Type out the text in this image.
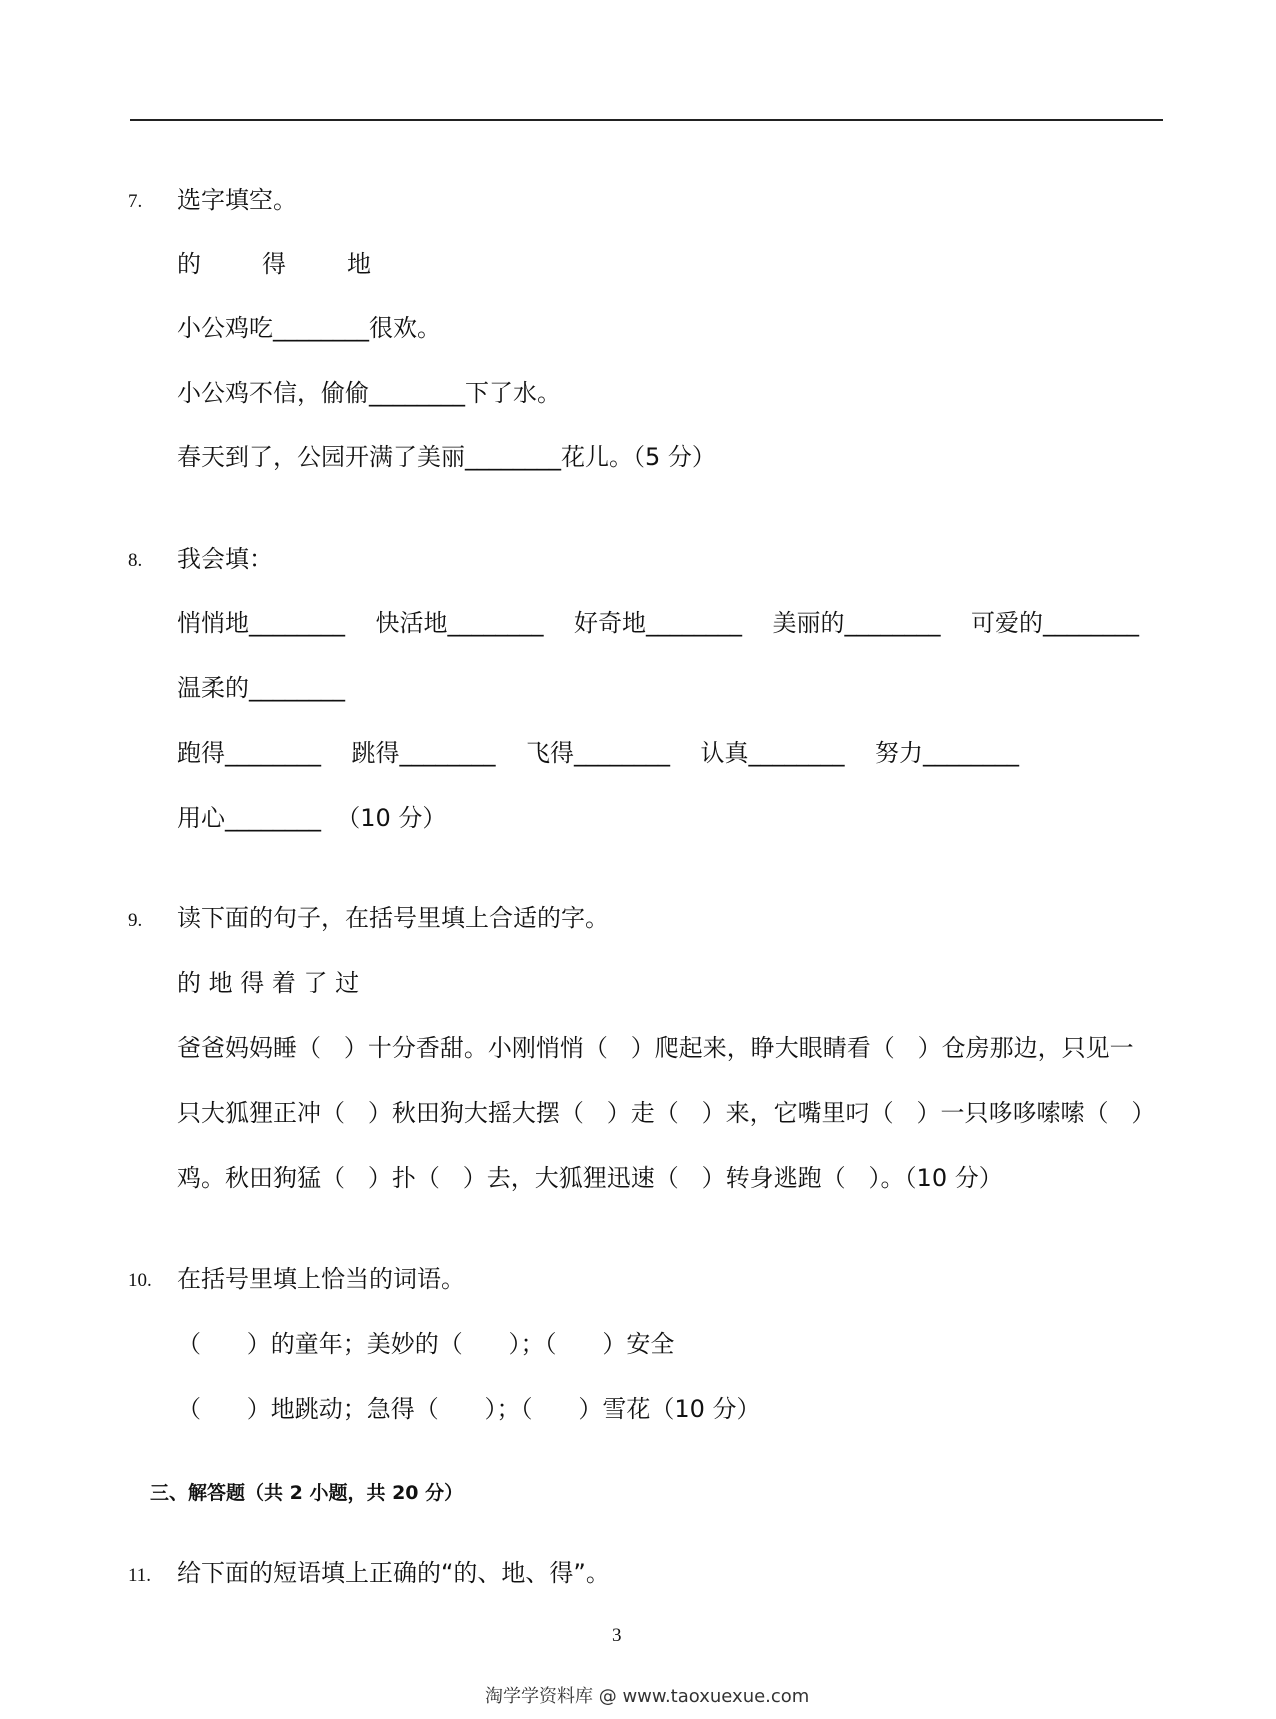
7. 选字填空。
的        得        地
小公鸡吃________很欢。
小公鸡不信，偷偷________下了水。
春天到了，公园开满了美丽________花儿。（5 分）
8. 我会填：
悄悄地________    快活地________    好奇地________    美丽的________    可爱的________
温柔的________
跑得________    跳得________    飞得________    认真________    努力________
用心________  （10 分）
9. 读下面的句子，在括号里填上合适的字。
的 地 得 着 了 过
爸爸妈妈睡（   ）十分香甜。小刚悄悄（   ）爬起来，睁大眼睛看（   ）仓房那边，只见一
只大狐狸正冲（   ）秋田狗大摇大摆（   ）走（   ）来，它嘴里叼（   ）一只哆哆嗦嗦（   ）
鸡。秋田狗猛（   ）扑（   ）去，大狐狸迅速（   ）转身逃跑（   ）。（10 分）
10. 在括号里填上恰当的词语。
（      ）的童年；美妙的（      ）；（      ）安全
（      ）地跳动；急得（      ）；（      ）雪花（10 分）
三、解答题（共 2 小题，共 20 分）
11. 给下面的短语填上正确的“的、地、得”。
3
淘学学资料库 @ www.taoxuexue.com
